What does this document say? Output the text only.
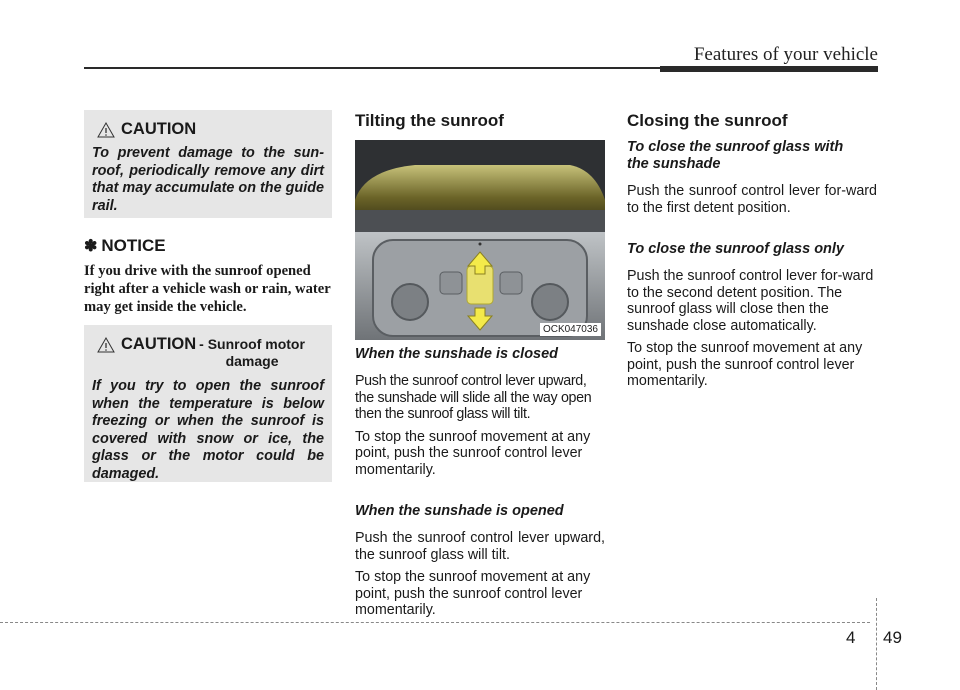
Features of your vehicle
CAUTION
To prevent damage to the sun-roof, periodically remove any dirt that may accumulate on the guide rail.
✽ NOTICE
If you drive with the sunroof opened right after a vehicle wash or rain, water may get inside the vehicle.
CAUTION - Sunroof motor
damage
If you try to open the sunroof when the temperature is below freezing or when the sunroof is covered with snow or ice, the glass or the motor could be damaged.
Tilting the sunroof
OCK047036
When the sunshade is closed

Push the sunroof control lever upward, the sunshade will slide all the way open then the sunroof glass will tilt.

To stop the sunroof movement at any point, push the sunroof control lever momentarily.

When the sunshade is opened

Push the sunroof control lever upward, the sunroof glass will tilt.

To stop the sunroof movement at any point, push the sunroof control lever momentarily.

Closing the sunroof
To close the sunroof glass with the sunshade

Push the sunroof control lever for-ward to the first detent position.

To close the sunroof glass only

Push the sunroof control lever for-ward to the second detent position. The sunroof glass will close then the sunshade close automatically.

To stop the sunroof movement at any point, push the sunroof control lever momentarily.

4 49
